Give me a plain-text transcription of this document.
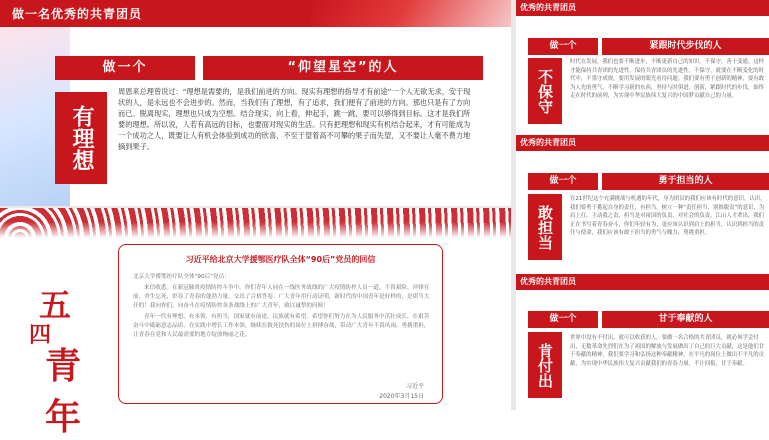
做一名优秀的共青团员
做一个	“仰望星空”的人
有理想

周恩来总理曾说过：“理想是需要的，是我们前进的方向。现实有理想的指导才有前途”一个人无欲无求，安于现状的人，是永远也不会进步的。然而，当我们有了理想，有了追求，我们便有了前进的方向。那也只是有了方向而已。脱离现实，理想也只成为空想。结合现实，向上看，伸起手，跳一跳，要可以够得到目标。这才是我们所要的理想。所以说，人若有高远的目标，也要面对现实的生活。只有把理想和现实有机结合起来，才有可能成为一个成功之人，既要让人有机会体验到成功的欣喜，不至于望着高不可攀的果子而失望，又不要让人毫不费力地摘到果子。

五
四
青年
习近平给北京大学援鄂医疗队全体“90后”党员的回信

北京大学援鄂医疗队全体“90后”党员：

来信收悉。在新冠肺炎疫情防控斗争中，你们青年人同在一线医务战线的广大疫情防控人员一道，不畏艰险、冲锋在前、舍生忘死，彰显了青春的蓬勃力量，交出了合格答卷。广大青年用行动证明，新时代的中国青年是好样的，是堪当大任的！我向你们，向奋斗在疫情防控各条战线上的广大青年，致以诚挚的问候！

青年一代有理想、有本领、有担当，国家就有前途，民族就有希望。希望你们努力在为人民服务中茁壮成长、在艰苦奋斗中砥砺意志品质、在实践中增长工作本领，继续在救死扶伤的岗位上拼搏奋战，带动广大青年不畏风雨、勇挑重担，让青春在党和人民最需要的地方绽放绚丽之花。

习近平
2020年3月15日
优秀的共青团员
做一个	紧跟时代步伐的人
不保守

时代在发展，我们也要不断进步，不断更新自己的知识。不保守，善于变通。这样才能保持共青团的先进性，保持共青团员的先进性。不保守，就要在不断变化的时代中，不墨守成规，要用发展的眼光看待问题。我们要有勇于创新的精神，要有敢为人先的勇气。不断学习新的东西，坚持与时俱进，创新，紧跟时代的步伐，始终走在时代的前列，为实现中华民族伟大复兴的中国梦贡献自己的力量。

优秀的共青团员
做一个	勇于担当的人
敢担当

在21世纪这个充满挑战与机遇的年代，身为团员的我们应该有时代的意识，认识，我们要勇于挑起自身的责任，有担当。树立一种“责任担当，别推脱责”的意识，为肩上扛，主动我之责，担当是对祖国的负责，对社会的负责。江山人才辈出，我们正在书写着青春奋斗，你们年轻有为，更应该认识到肩上的担当，认识到担当的责任与使命，我们应该有敢于担当的勇气与魄力，勇挑重担。

优秀的共青团员
做一个	甘于奉献的人
肯付出

世界中没有不付出，就可以收获的人。要做一名合格的共青团员，就必须学会付出，无数革命先烈们在为了祖国的解放与发展做出了自己的巨大贡献，这是他们甘于奉献的精神。我们要学习和弘扬这种奉献精神，在平凡的岗位上做出不平凡的贡献，为实现中华民族伟大复兴贡献我们的青春力量，不计回报，甘于奉献。
